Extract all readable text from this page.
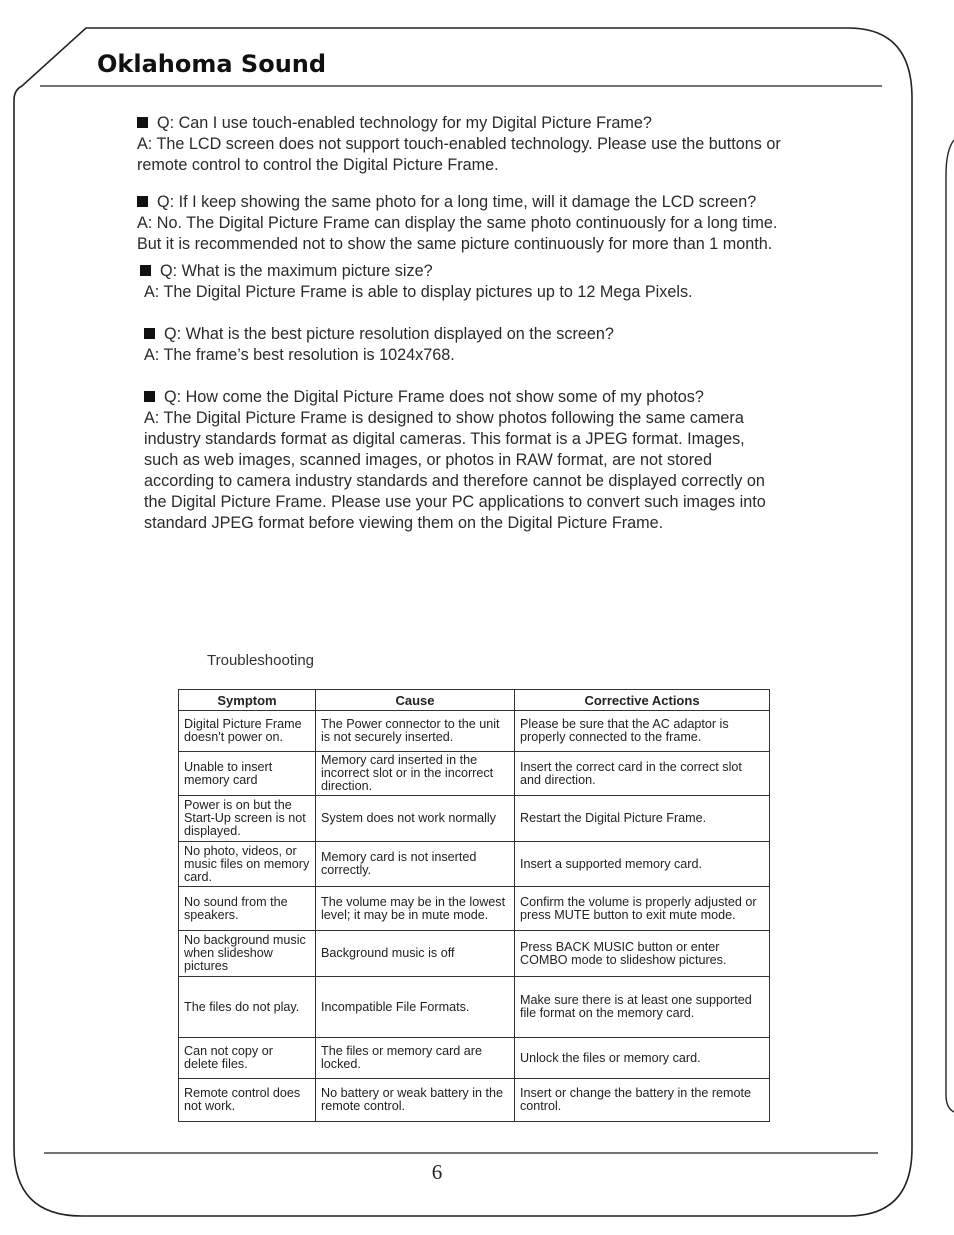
Oklahoma Sound

Q: Can I use touch-enabled technology for my Digital Picture Frame?
A: The LCD screen does not support touch-enabled technology. Please use the buttons or remote control to control the Digital Picture Frame.

Q: If I keep showing the same photo for a long time, will it damage the LCD screen?
A: No. The Digital Picture Frame can display the same photo continuously for a long time. But it is recommended not to show the same picture continuously for more than 1 month.

Q: What is the maximum picture size?
A: The Digital Picture Frame is able to display pictures up to 12 Mega Pixels.

Q: What is the best picture resolution displayed on the screen?
A: The frame’s best resolution is 1024x768.

Q: How come the Digital Picture Frame does not show some of my photos?
A: The Digital Picture Frame is designed to show photos following the same camera industry standards format as digital cameras. This format is a JPEG format. Images, such as web images, scanned images, or photos in RAW format, are not stored according to camera industry standards and therefore cannot be displayed correctly on the Digital Picture Frame. Please use your PC applications to convert such images into standard JPEG format before viewing them on the Digital Picture Frame.

Troubleshooting
Symptom	Cause	Corrective Actions
Digital Picture Frame doesn't power on.	The Power connector to the unit is not securely inserted.	Please be sure that the AC adaptor is properly connected to the frame.
Unable to insert memory card	Memory card inserted in the incorrect slot or in the incorrect direction.	Insert the correct card in the correct slot and direction.
Power is on but the Start-Up screen is not displayed.	System does not work normally	Restart the Digital Picture Frame.
No photo, videos, or music files on memory card.	Memory card is not inserted correctly.	Insert a supported memory card.
No sound from the speakers.	The volume may be in the lowest level; it may be in mute mode.	Confirm the volume is properly adjusted or press MUTE button to exit mute mode.
No background music when slideshow pictures	Background music is off	Press BACK MUSIC button or enter COMBO mode to slideshow pictures.
The files do not play.	Incompatible File Formats.	Make sure there is at least one supported file format on the memory card.
Can not copy or delete files.	The files or memory card are locked.	Unlock the files or memory card.
Remote control does not work.	No battery or weak battery in the remote control.	Insert or change the battery in the remote control.
6
